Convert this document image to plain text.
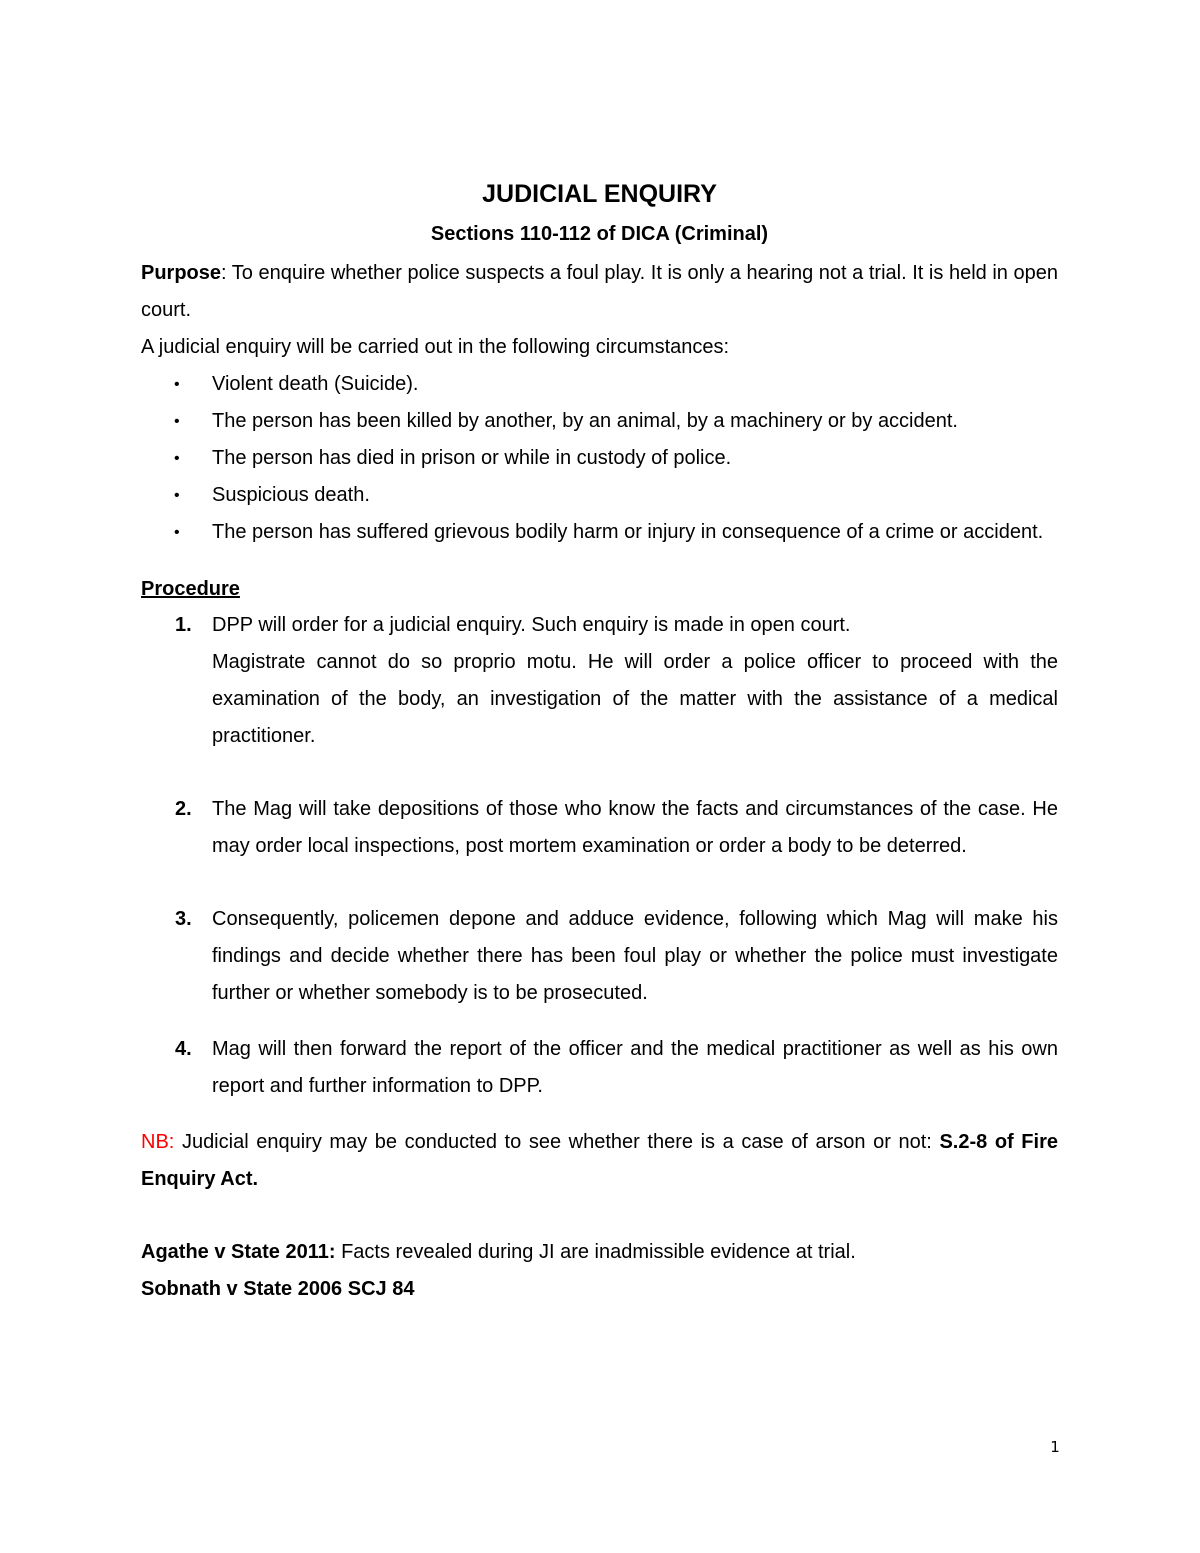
JUDICIAL ENQUIRY
Sections 110-112 of DICA (Criminal)

Purpose: To enquire whether police suspects a foul play. It is only a hearing not a trial. It is held in open court.

A judicial enquiry will be carried out in the following circumstances:

• Violent death (Suicide).
• The person has been killed by another, by an animal, by a machinery or by accident.
• The person has died in prison or while in custody of police.
• Suspicious death.
• The person has suffered grievous bodily harm or injury in consequence of a crime or accident.
Procedure
1. DPP will order for a judicial enquiry. Such enquiry is made in open court.
Magistrate cannot do so proprio motu. He will order a police officer to proceed with the examination of the body, an investigation of the matter with the assistance of a medical practitioner.
2. The Mag will take depositions of those who know the facts and circumstances of the case. He may order local inspections, post mortem examination or order a body to be deterred.
3. Consequently, policemen depone and adduce evidence, following which Mag will make his findings and decide whether there has been foul play or whether the police must investigate further or whether somebody is to be prosecuted.
4. Mag will then forward the report of the officer and the medical practitioner as well as his own report and further information to DPP.

NB: Judicial enquiry may be conducted to see whether there is a case of arson or not: S.2-8 of Fire Enquiry Act.

Agathe v State 2011: Facts revealed during JI are inadmissible evidence at trial.

Sobnath v State 2006 SCJ 84

1
